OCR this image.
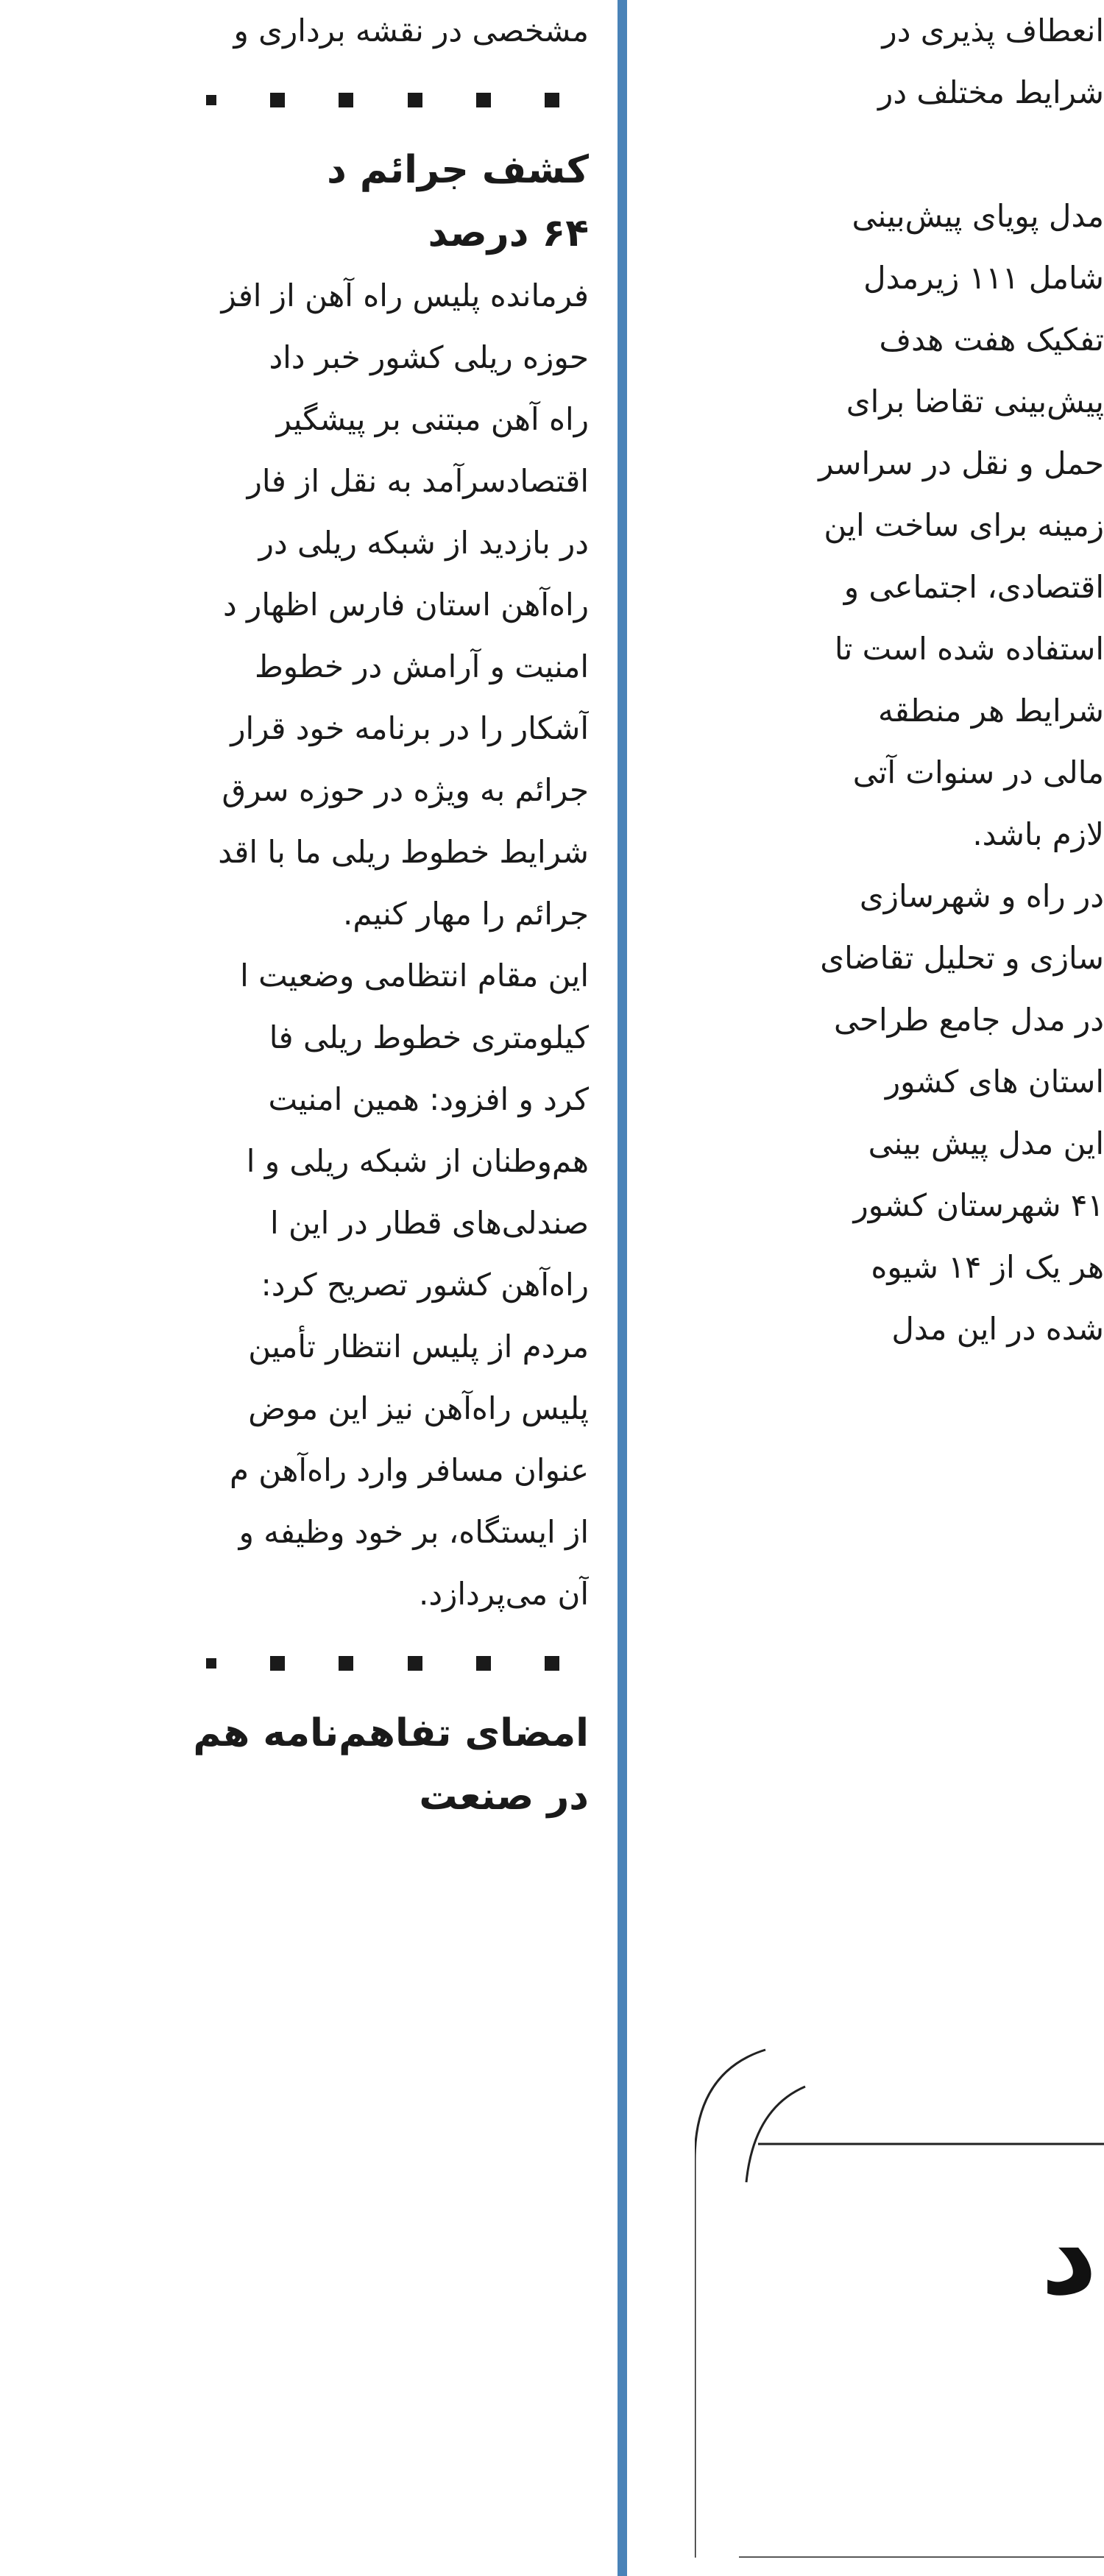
مشخصی در نقشه برداری و

کشف جرائم د
۶۴ درصد

فرمانده پلیس راه آهن از افز

حوزه ریلی کشور خبر داد

راه آهن مبتنی بر پیشگیر

اقتصادسرآمد به نقل از فار

در بازدید از شبکه ریلی در

راه‌آهن استان فارس اظهار د

امنیت و آرامش در خطوط

آشکار را در برنامه خود قرار

جرائم به ویژه در حوزه سرق

شرایط خطوط ریلی ما با اقد

جرائم را مهار کنیم.

این مقام انتظامی وضعیت ا

کیلومتری خطوط ریلی فا

کرد و افزود: همین امنیت

هم‌وطنان از شبکه ریلی و ا

صندلی‌های قطار در این ا

راه‌آهن کشور تصریح کرد:

مردم از پلیس انتظار تأمین

پلیس راه‌آهن نیز این موض

عنوان مسافر وارد راه‌آهن م

از ایستگاه، بر خود وظیفه و

آن می‌پردازد.

امضای تفاهم‌نامه هم
در صنعت

انعطاف پذیری در

شرایط مختلف در

مدل پویای پیش‌بینی

شامل ۱۱۱ زیرمدل

تفکیک هفت هدف

پیش‌بینی تقاضا برای

حمل و نقل در سراسر

زمینه برای ساخت این

اقتصادی، اجتماعی و

استفاده شده است تا

شرایط هر منطقه

مالی در سنوات آتی

لازم باشد.

در راه و شهرسازی

سازی و تحلیل تقاضای

در مدل جامع طراحی

استان های کشور

این مدل پیش بینی

۴۱ شهرستان کشور

هر یک از ۱۴ شیوه

شده در این مدل

د
